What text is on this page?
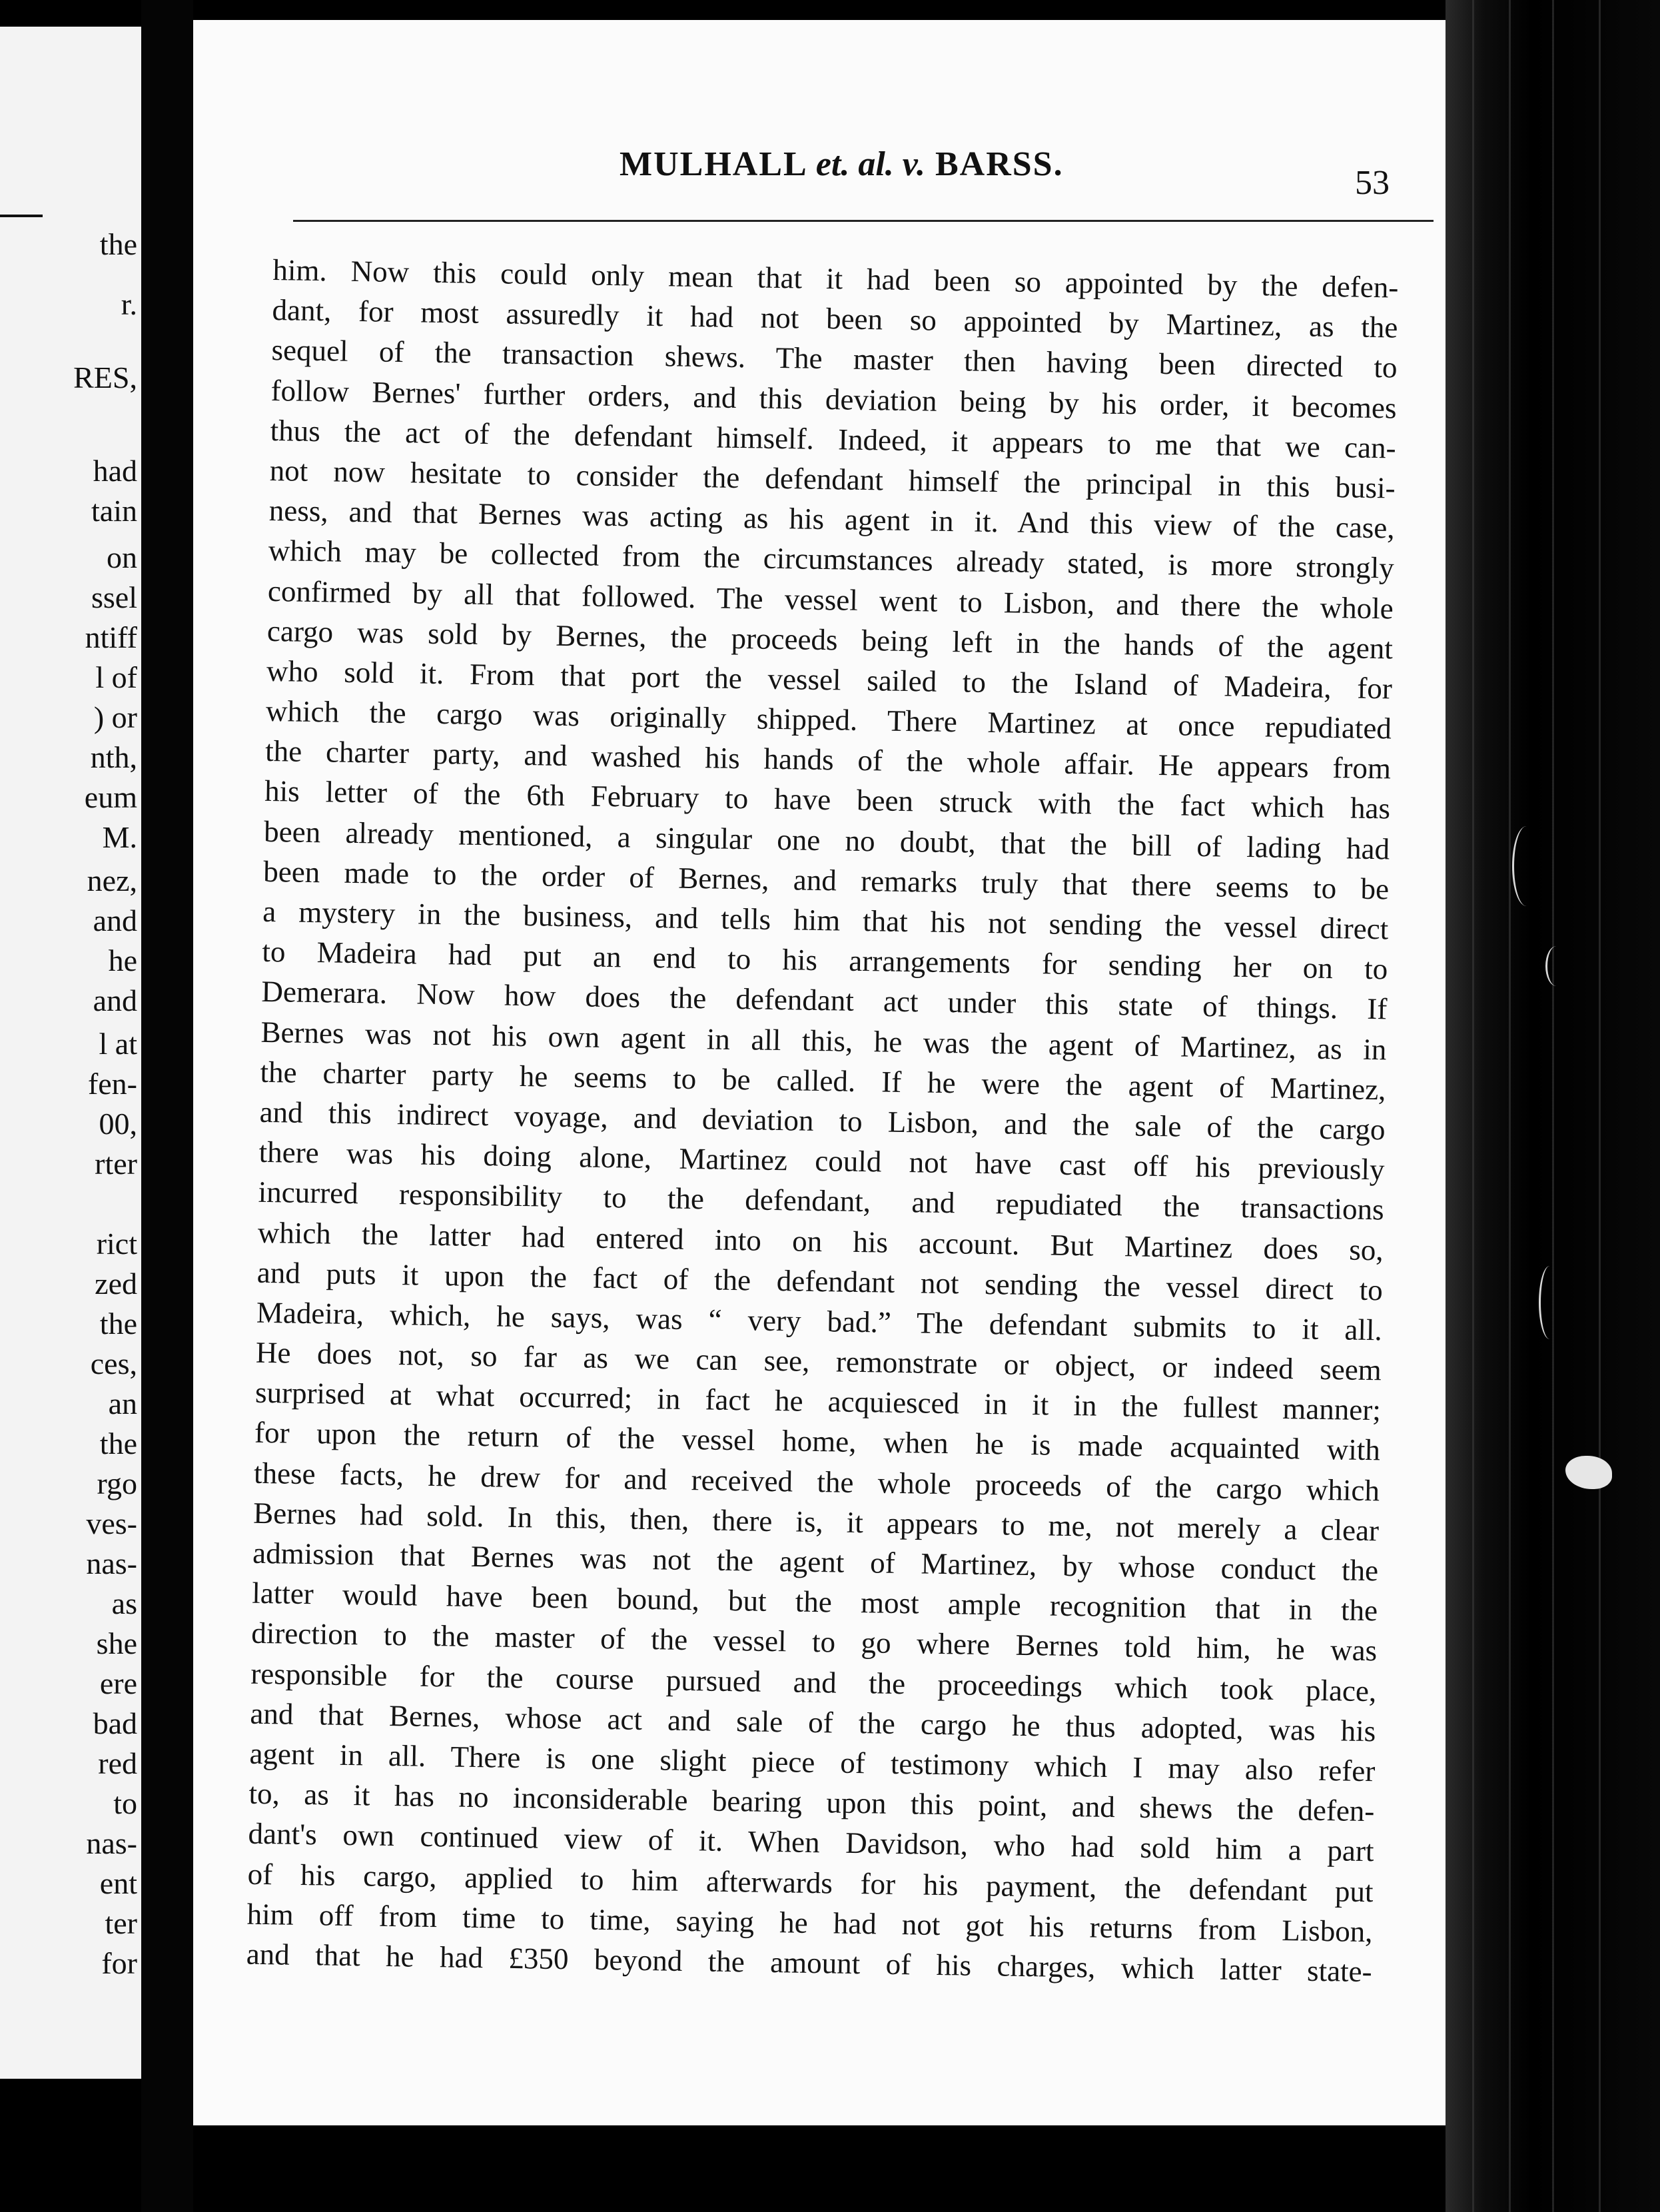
the
r.
RES,
had
tain
on
ssel
ntiff
l of
) or
nth,
eum
M.
nez,
and
he
and
l at
fen-
00,
rter
rict
zed
the
ces,
an
the
rgo
ves-
nas-
as
she
ere
bad
red
to
nas-
ent
ter
for
MULHALL et. al. v. BARSS.	53
him. Now this could only mean that it had been so appointed by the defen-
dant, for most assuredly it had not been so appointed by Martinez, as the
sequel of the transaction shews. The master then having been directed to
follow Bernes' further orders, and this deviation being by his order, it becomes
thus the act of the defendant himself. Indeed, it appears to me that we can-
not now hesitate to consider the defendant himself the principal in this busi-
ness, and that Bernes was acting as his agent in it. And this view of the case,
which may be collected from the circumstances already stated, is more strongly
confirmed by all that followed. The vessel went to Lisbon, and there the whole
cargo was sold by Bernes, the proceeds being left in the hands of the agent
who sold it. From that port the vessel sailed to the Island of Madeira, for
which the cargo was originally shipped. There Martinez at once repudiated
the charter party, and washed his hands of the whole affair. He appears from
his letter of the 6th February to have been struck with the fact which has
been already mentioned, a singular one no doubt, that the bill of lading had
been made to the order of Bernes, and remarks truly that there seems to be
a mystery in the business, and tells him that his not sending the vessel direct
to Madeira had put an end to his arrangements for sending her on to
Demerara. Now how does the defendant act under this state of things. If
Bernes was not his own agent in all this, he was the agent of Martinez, as in
the charter party he seems to be called. If he were the agent of Martinez,
and this indirect voyage, and deviation to Lisbon, and the sale of the cargo
there was his doing alone, Martinez could not have cast off his previously
incurred responsibility to the defendant, and repudiated the transactions
which the latter had entered into on his account. But Martinez does so,
and puts it upon the fact of the defendant not sending the vessel direct to
Madeira, which, he says, was “ very bad.” The defendant submits to it all.
He does not, so far as we can see, remonstrate or object, or indeed seem
surprised at what occurred; in fact he acquiesced in it in the fullest manner;
for upon the return of the vessel home, when he is made acquainted with
these facts, he drew for and received the whole proceeds of the cargo which
Bernes had sold. In this, then, there is, it appears to me, not merely a clear
admission that Bernes was not the agent of Martinez, by whose conduct the
latter would have been bound, but the most ample recognition that in the
direction to the master of the vessel to go where Bernes told him, he was
responsible for the course pursued and the proceedings which took place,
and that Bernes, whose act and sale of the cargo he thus adopted, was his
agent in all. There is one slight piece of testimony which I may also refer
to, as it has no inconsiderable bearing upon this point, and shews the defen-
dant's own continued view of it. When Davidson, who had sold him a part
of his cargo, applied to him afterwards for his payment, the defendant put
him off from time to time, saying he had not got his returns from Lisbon,
and that he had £350 beyond the amount of his charges, which latter state-
